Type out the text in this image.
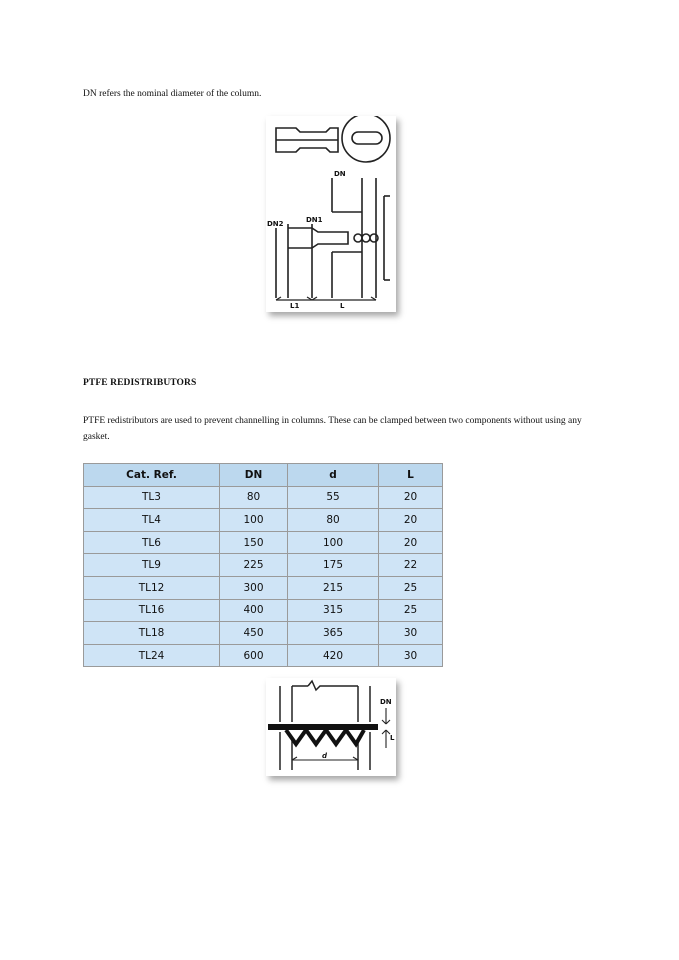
DN refers the nominal diameter of the column.

DN
DN1
DN2
L1	L
PTFE REDISTRIBUTORS

PTFE redistributors are used to prevent channelling in columns. These can be clamped between two components without using any gasket.

Cat. Ref.	DN	d	L
TL3	80	55	20
TL4	100	80	20
TL6	150	100	20
TL9	225	175	22
TL12	300	215	25
TL16	400	315	25
TL18	450	365	30
TL24	600	420	30
DN
L
d
